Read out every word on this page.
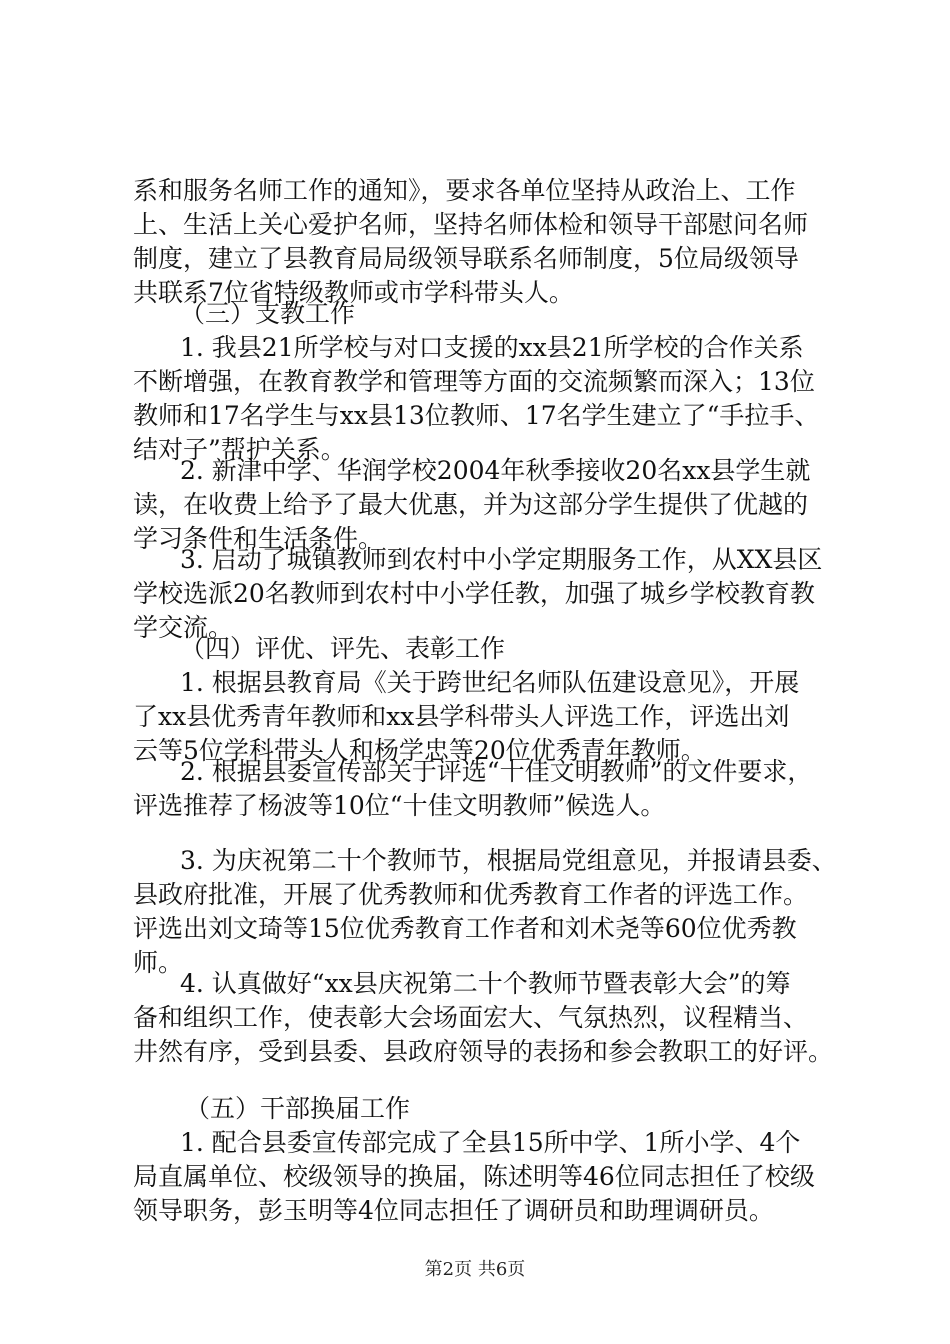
系和服务名师工作的通知》，要求各单位坚持从政治上、工作
上、生活上关心爱护名师，坚持名师体检和领导干部慰问名师
制度，建立了县教育局局级领导联系名师制度，5位局级领导
共联系7位省特级教师或市学科带头人。
（三）支教工作
1. 我县21所学校与对口支援的xx县21所学校的合作关系
不断增强，在教育教学和管理等方面的交流频繁而深入；13位
教师和17名学生与xx县13位教师、17名学生建立了“手拉手、
结对子”帮护关系。
2. 新津中学、华润学校2004年秋季接收20名xx县学生就
读，在收费上给予了最大优惠，并为这部分学生提供了优越的
学习条件和生活条件。
3. 启动了城镇教师到农村中小学定期服务工作，从XX县区
学校选派20名教师到农村中小学任教，加强了城乡学校教育教
学交流。
（四）评优、评先、表彰工作
1. 根据县教育局《关于跨世纪名师队伍建设意见》，开展
了xx县优秀青年教师和xx县学科带头人评选工作，评选出刘
云等5位学科带头人和杨学忠等20位优秀青年教师。
2. 根据县委宣传部关于评选“十佳文明教师”的文件要求，
评选推荐了杨波等10位“十佳文明教师”候选人。
3. 为庆祝第二十个教师节，根据局党组意见，并报请县委、
县政府批准，开展了优秀教师和优秀教育工作者的评选工作。
评选出刘文琦等15位优秀教育工作者和刘术尧等60位优秀教
师。
4. 认真做好“xx县庆祝第二十个教师节暨表彰大会”的筹
备和组织工作，使表彰大会场面宏大、气氛热烈，议程精当、
井然有序，受到县委、县政府领导的表扬和参会教职工的好评。
（五）干部换届工作
1. 配合县委宣传部完成了全县15所中学、1所小学、4个
局直属单位、校级领导的换届，陈述明等46位同志担任了校级
领导职务，彭玉明等4位同志担任了调研员和助理调研员。
第2页 共6页
